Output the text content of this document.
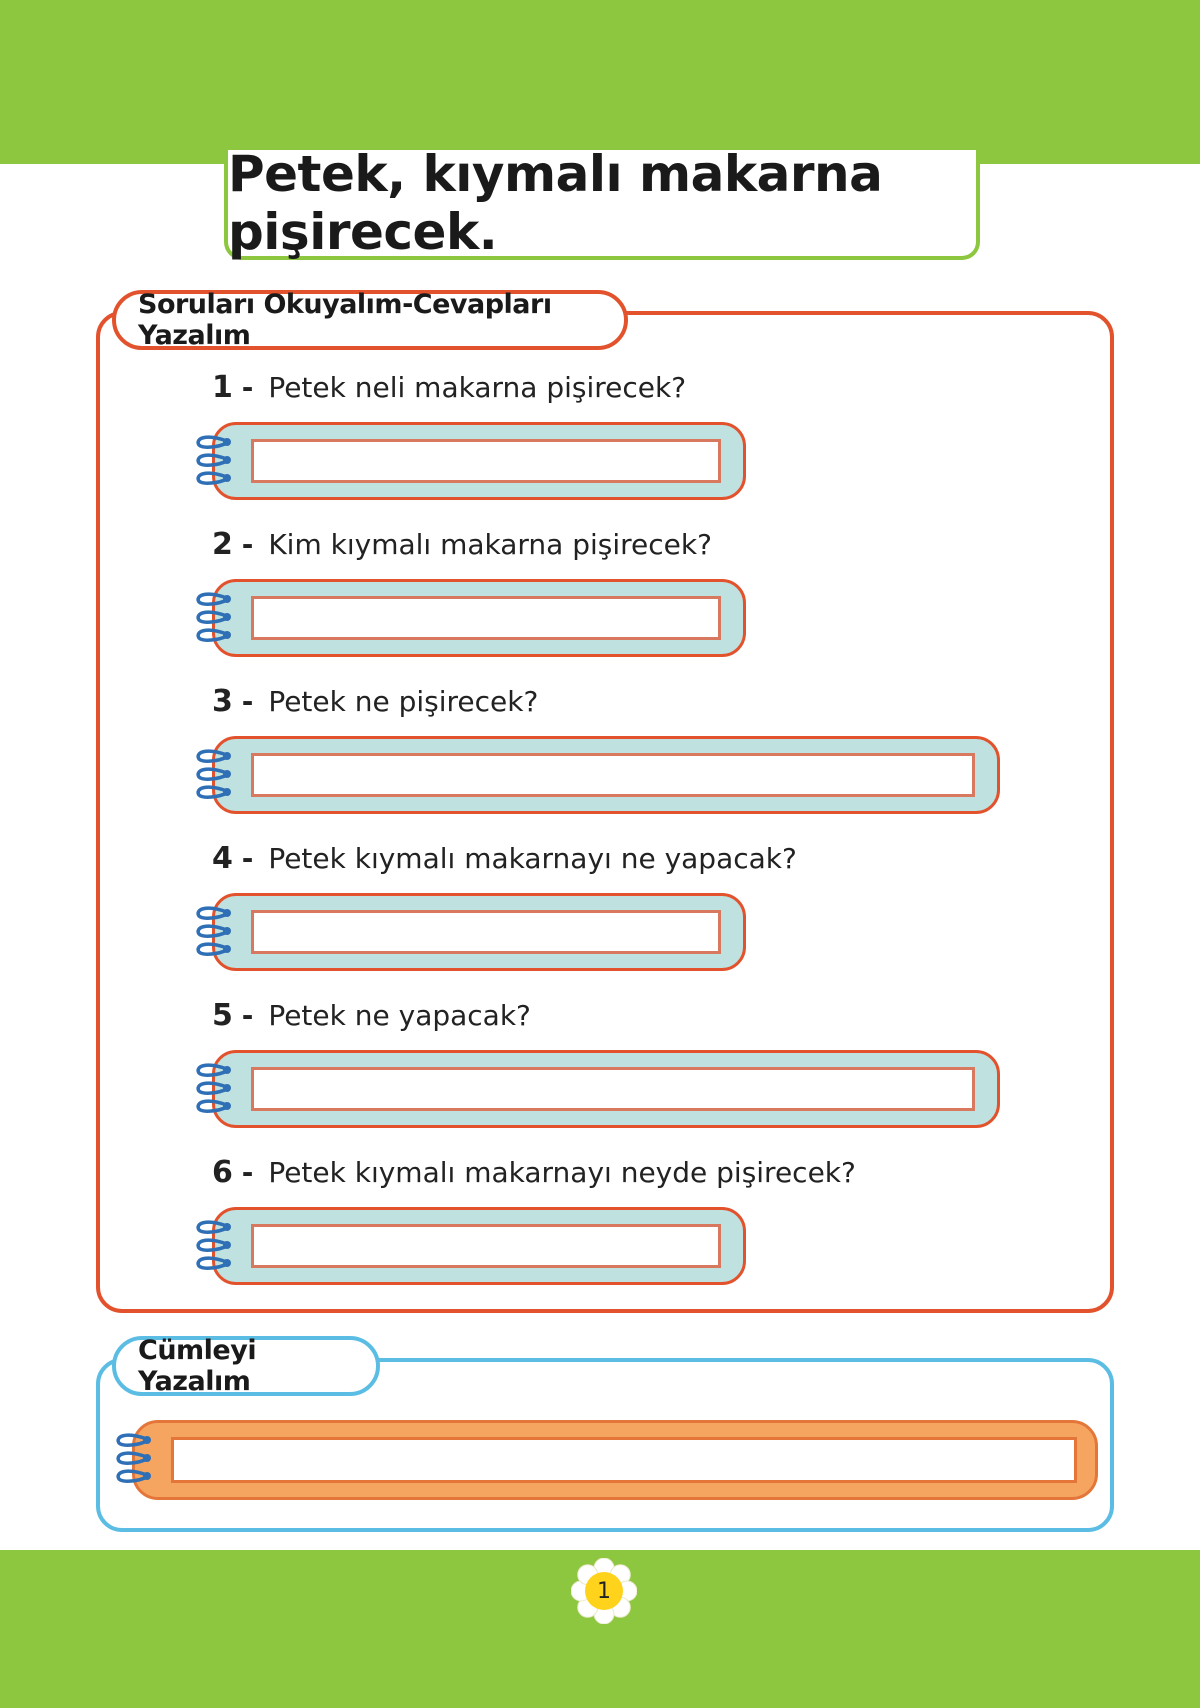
Petek, kıymalı makarna pişirecek.
Soruları Okuyalım-Cevapları Yazalım
1 - Petek neli makarna pişirecek?
2 - Kim kıymalı makarna pişirecek?
3 - Petek ne pişirecek?
4 - Petek kıymalı makarnayı ne yapacak?
5 - Petek ne yapacak?
6 - Petek kıymalı makarnayı neyde pişirecek?
Cümleyi Yazalım
1
